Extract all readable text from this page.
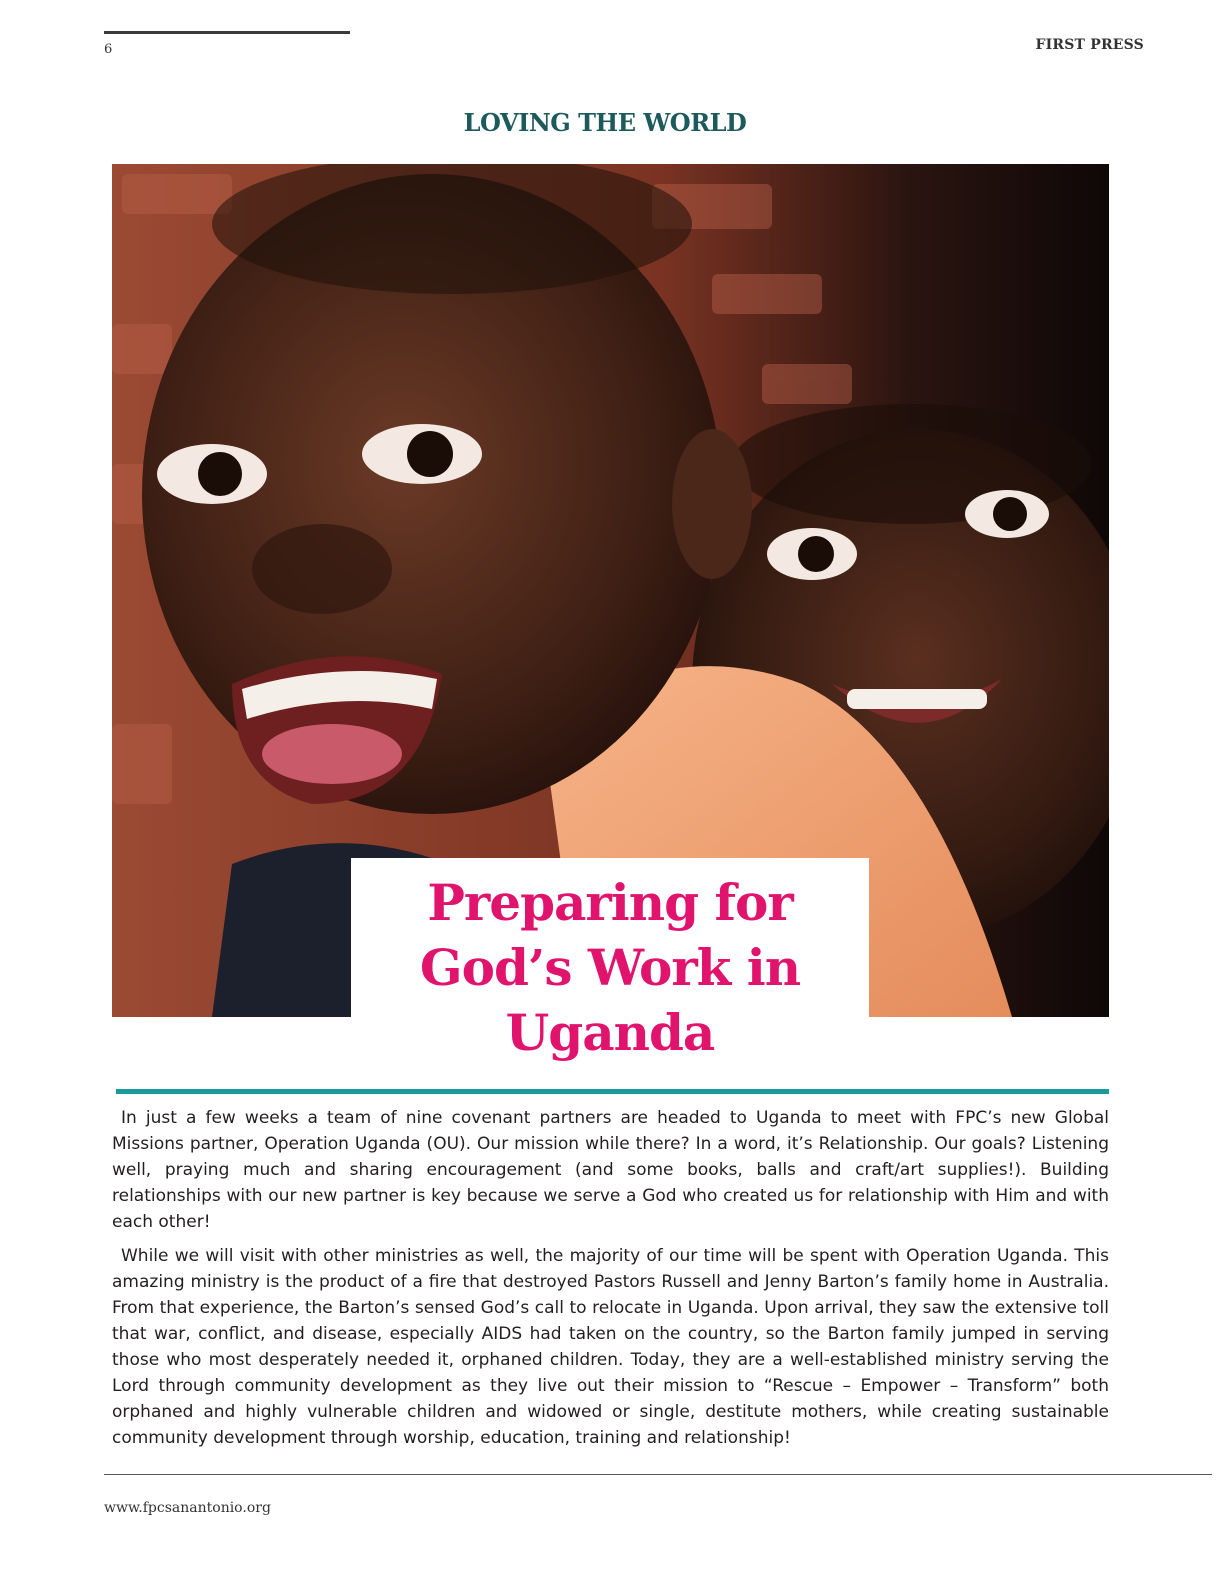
6	FIRST PRESS
LOVING THE WORLD
Preparing for
God’s Work in
Uganda

In just a few weeks a team of nine covenant partners are headed to Uganda to meet with FPC’s new Global Missions partner, Operation Uganda (OU). Our mission while there? In a word, it’s Relationship. Our goals? Listening well, praying much and sharing encouragement (and some books, balls and craft/art supplies!). Building relationships with our new partner is key because we serve a God who created us for relationship with Him and with each other!

While we will visit with other ministries as well, the majority of our time will be spent with Operation Uganda. This amazing ministry is the product of a fire that destroyed Pastors Russell and Jenny Barton’s family home in Australia. From that experience, the Barton’s sensed God’s call to relocate in Uganda. Upon arrival, they saw the extensive toll that war, conflict, and disease, especially AIDS had taken on the country, so the Barton family jumped in serving those who most desperately needed it, orphaned children. Today, they are a well-established ministry serving the Lord through community development as they live out their mission to “Rescue – Empower – Transform” both orphaned and highly vulnerable children and widowed or single, destitute mothers, while creating sustainable community development through worship, education, training and relationship!

www.fpcsanantonio.org
